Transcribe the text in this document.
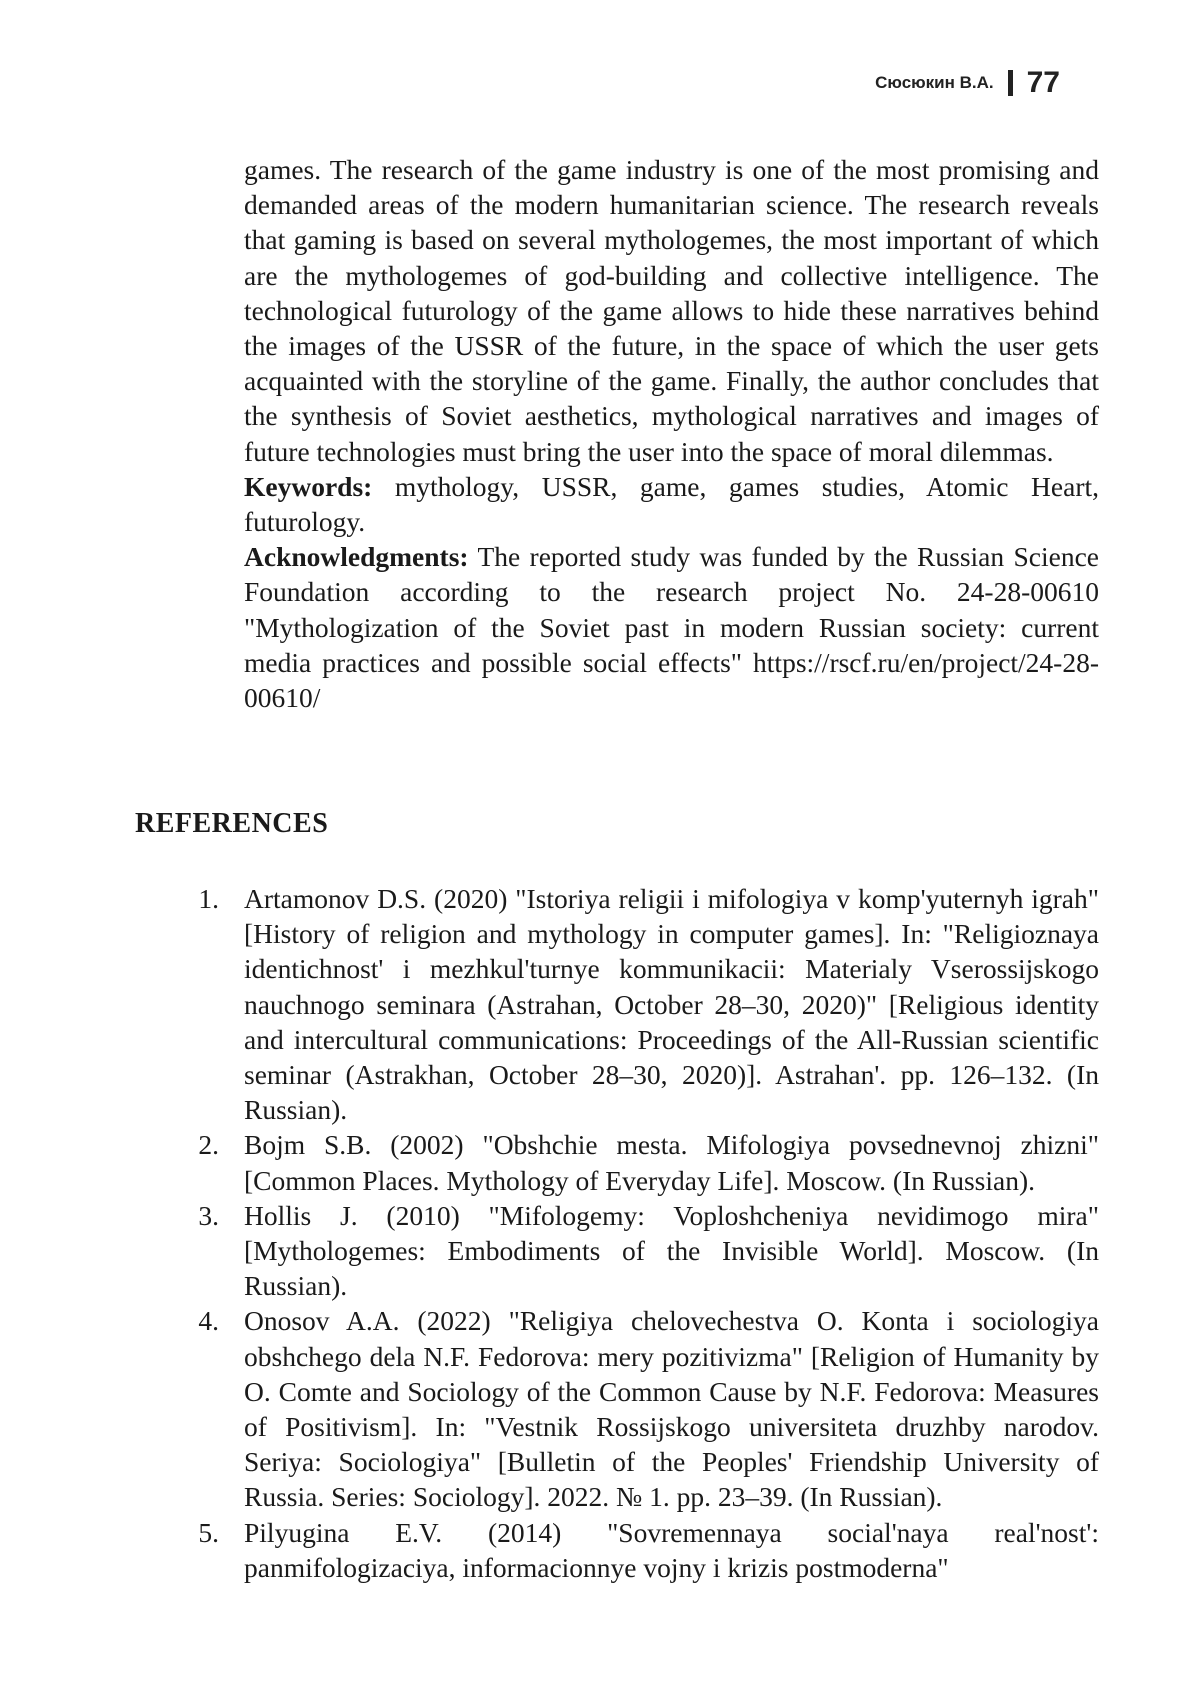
Сюсюкин В.А. 77

games. The research of the game industry is one of the most promising and demanded areas of the modern humanitarian science. The research reveals that gaming is based on several mythologemes, the most important of which are the mythologemes of god-building and collective intelligence. The technological futurology of the game allows to hide these narratives behind the images of the USSR of the future, in the space of which the user gets acquainted with the storyline of the game. Finally, the author concludes that the synthesis of Soviet aesthetics, mythological narratives and images of future technologies must bring the user into the space of moral dilemmas.

Keywords: mythology, USSR, game, games studies, Atomic Heart, futurology.

Acknowledgments: The reported study was funded by the Russian Science Foundation according to the research project No. 24-28-00610 "Mythologization of the Soviet past in modern Russian society: current media practices and possible social effects" https://rscf.ru/en/project/24-28-00610/

REFERENCES
1. Artamonov D.S. (2020) "Istoriya religii i mifologiya v komp'yuternyh igrah" [History of religion and mythology in computer games]. In: "Religioznaya identichnost' i mezhkul'turnye kommunikacii: Materialy Vserossijskogo nauchnogo seminara (Astrahan, October 28–30, 2020)" [Religious identity and intercultural communications: Proceedings of the All-Russian scientific seminar (Astrakhan, October 28–30, 2020)]. Astrahan'. pp. 126–132. (In Russian).
2. Bojm S.B. (2002) "Obshchie mesta. Mifologiya povsednevnoj zhizni" [Common Places. Mythology of Everyday Life]. Moscow. (In Russian).
3. Hollis J. (2010) "Mifologemy: Voploshcheniya nevidimogo mira" [Mythologemes: Embodiments of the Invisible World]. Moscow. (In Russian).
4. Onosov A.A. (2022) "Religiya chelovechestva O. Konta i sociologiya obshchego dela N.F. Fedorova: mery pozitivizma" [Religion of Humanity by O. Comte and Sociology of the Common Cause by N.F. Fedorova: Measures of Positivism]. In: "Vestnik Rossijskogo universiteta druzhby narodov. Seriya: Sociologiya" [Bulletin of the Peoples' Friendship University of Russia. Series: Sociology]. 2022. № 1. pp. 23–39. (In Russian).
5. Pilyugina E.V. (2014) "Sovremennaya social'naya real'nost': panmifologizaciya, informacionnye vojny i krizis postmoderna"
